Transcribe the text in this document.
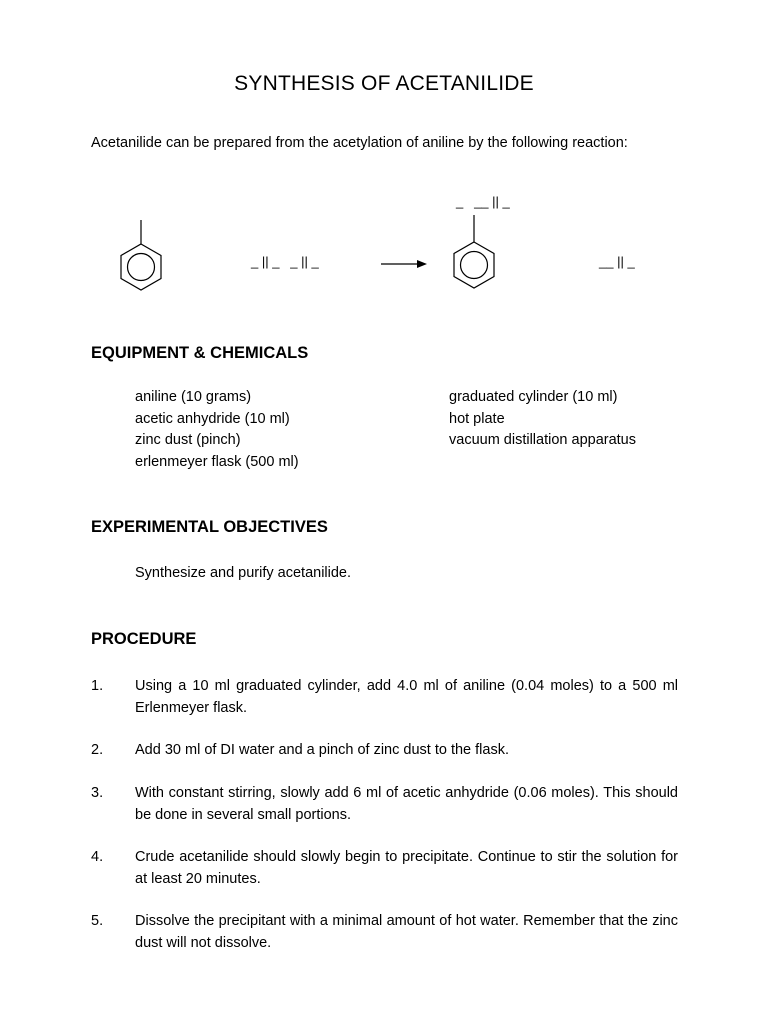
SYNTHESIS OF ACETANILIDE
Acetanilide can be prepared from the acetylation of aniline by the following reaction:
_ || _   _ || _
_   __ || _
__ || _
EQUIPMENT & CHEMICALS
aniline (10 grams)
acetic anhydride (10 ml)
zinc dust (pinch)
erlenmeyer flask (500 ml)
graduated cylinder (10 ml)
hot plate
vacuum distillation apparatus
EXPERIMENTAL OBJECTIVES
Synthesize and purify acetanilide.
PROCEDURE
1. Using a 10 ml graduated cylinder, add 4.0 ml of aniline (0.04 moles) to a 500 ml Erlenmeyer flask.
2. Add 30 ml of DI water and a pinch of zinc dust to the flask.
3. With constant stirring, slowly add 6 ml of acetic anhydride (0.06 moles). This should be done in several small portions.
4. Crude acetanilide should slowly begin to precipitate. Continue to stir the solution for at least 20 minutes.
5. Dissolve the precipitant with a minimal amount of hot water. Remember that the zinc dust will not dissolve.
